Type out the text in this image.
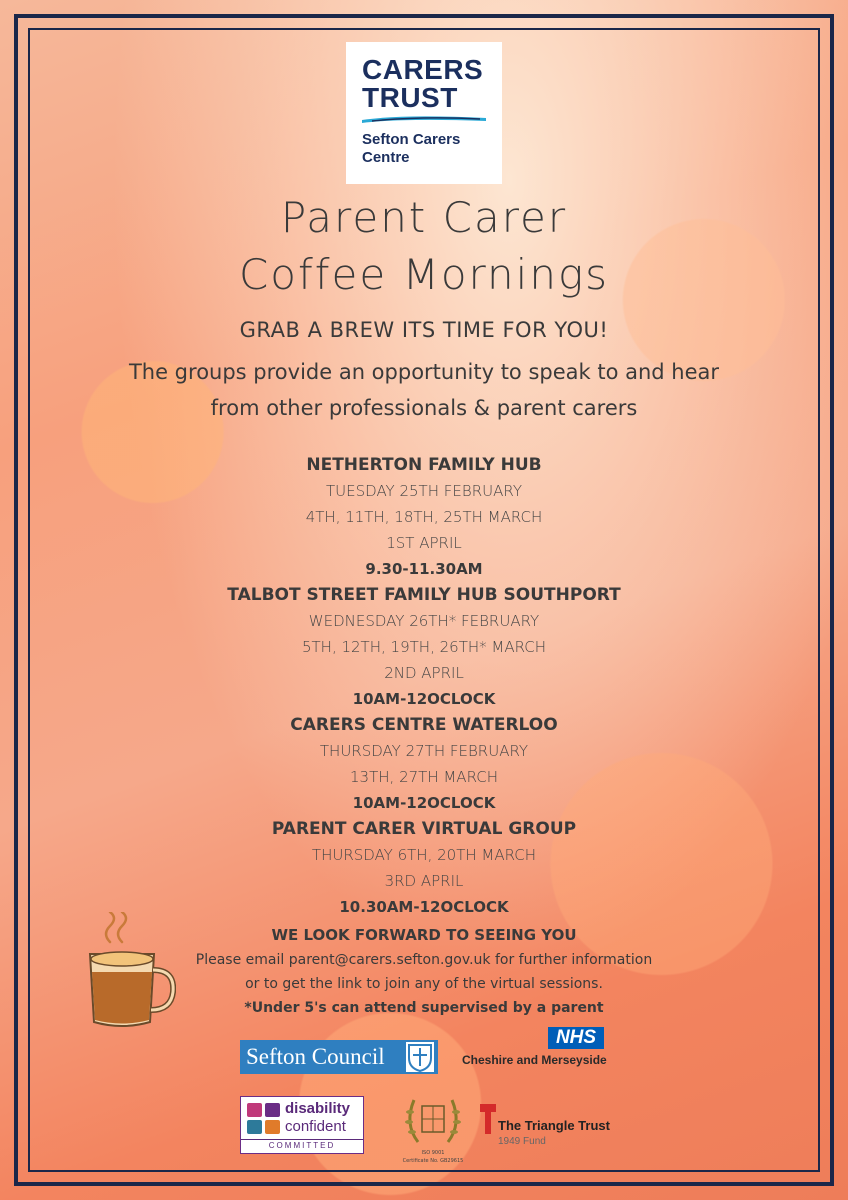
CARERS
TRUST
Sefton Carers
Centre
Parent Carer
Coffee Mornings
GRAB A BREW ITS TIME FOR YOU!
The groups provide an opportunity to speak to and hear
from other professionals & parent carers
NETHERTON FAMILY HUB
TUESDAY 25TH FEBRUARY
4TH, 11TH, 18TH, 25TH MARCH
1ST APRIL
9.30-11.30AM
TALBOT STREET FAMILY HUB SOUTHPORT
WEDNESDAY 26TH* FEBRUARY
5TH, 12TH, 19TH, 26TH* MARCH
2ND APRIL
10AM-12OCLOCK
CARERS CENTRE WATERLOO
THURSDAY 27TH FEBRUARY
13TH, 27TH MARCH
10AM-12OCLOCK
PARENT CARER VIRTUAL GROUP
THURSDAY 6TH, 20TH MARCH
3RD APRIL
10.30AM-12OCLOCK
WE LOOK FORWARD TO SEEING YOU
Please email parent@carers.sefton.gov.uk for further information
or to get the link to join any of the virtual sessions.
*Under 5's can attend supervised by a parent
Sefton Council
NHS
Cheshire and Merseyside
disability
confident
COMMITTED
ISO 9001
Certificate No. GB29615
The Triangle Trust
1949 Fund
